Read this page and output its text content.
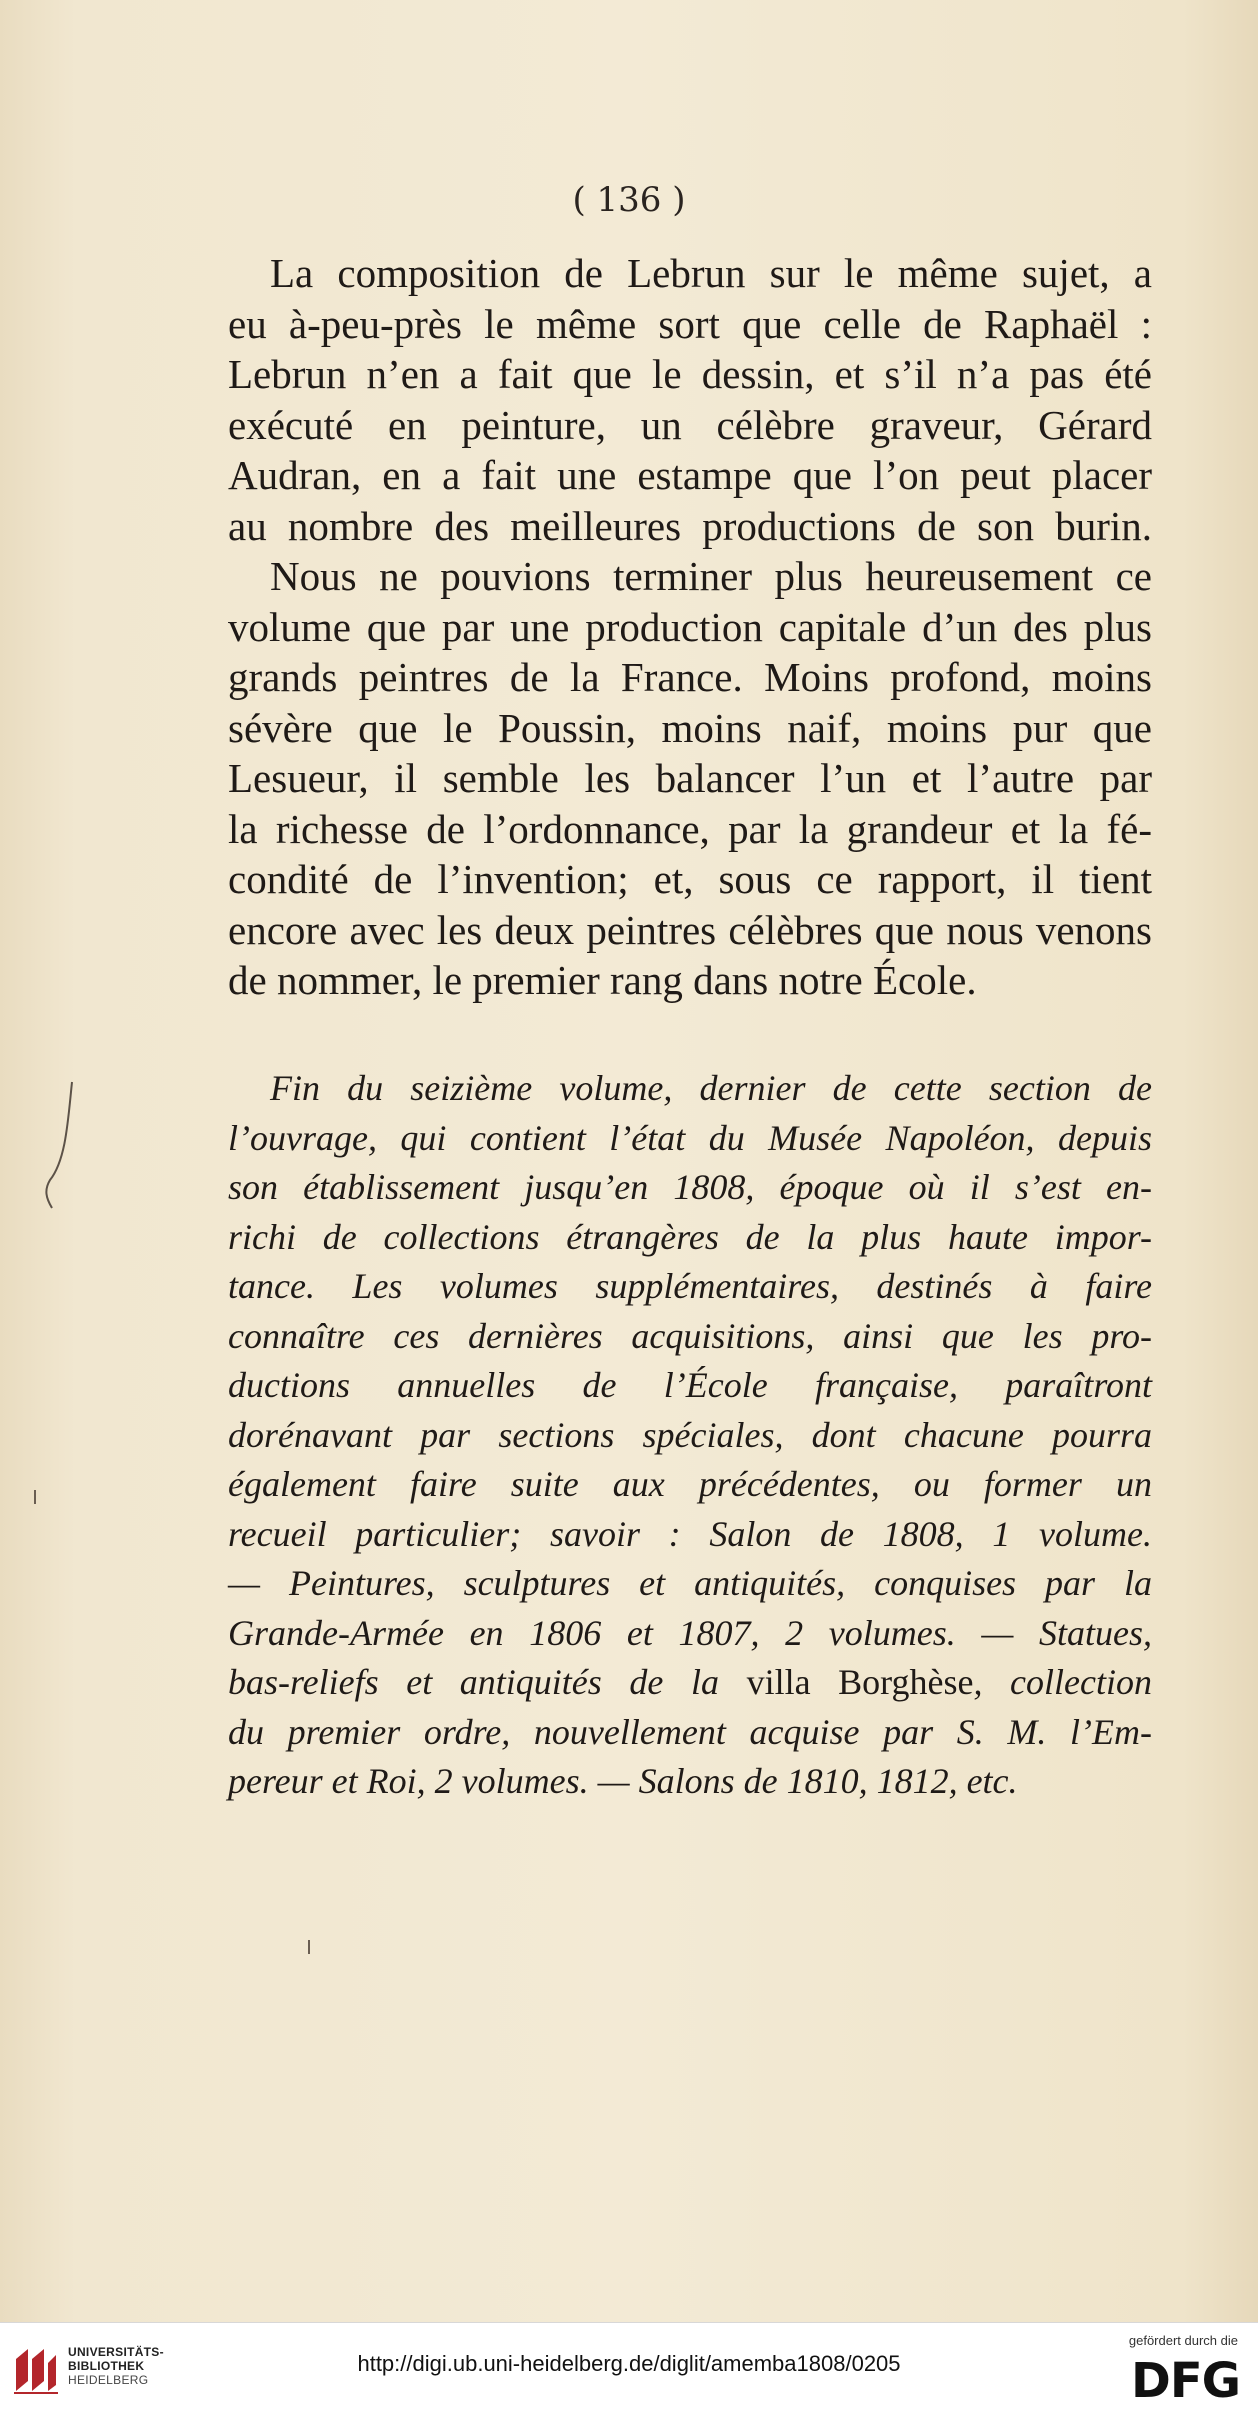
( 136 )
La composition de Lebrun sur le même sujet, a
eu à-peu-près le même sort que celle de Raphaël :
Lebrun n’en a fait que le dessin, et s’il n’a pas été
exécuté en peinture, un célèbre graveur, Gérard
Audran, en a fait une estampe que l’on peut placer
au nombre des meilleures productions de son burin.
Nous ne pouvions terminer plus heureusement ce
volume que par une production capitale d’un des plus
grands peintres de la France. Moins profond, moins
sévère que le Poussin, moins naif, moins pur que
Lesueur, il semble les balancer l’un et l’autre par
la richesse de l’ordonnance, par la grandeur et la fé-
condité de l’invention; et, sous ce rapport, il tient
encore avec les deux peintres célèbres que nous venons
de nommer, le premier rang dans notre École.
Fin du seizième volume, dernier de cette section de
l’ouvrage, qui contient l’état du Musée Napoléon, depuis
son établissement jusqu’en 1808, époque où il s’est en-
richi de collections étrangères de la plus haute impor-
tance. Les volumes supplémentaires, destinés à faire
connaître ces dernières acquisitions, ainsi que les pro-
ductions annuelles de l’École française, paraîtront
dorénavant par sections spéciales, dont chacune pourra
également faire suite aux précédentes, ou former un
recueil particulier; savoir : Salon de 1808, 1 volume.
— Peintures, sculptures et antiquités, conquises par la
Grande-Armée en 1806 et 1807, 2 volumes. — Statues,
bas-reliefs et antiquités de la villa Borghèse, collection
du premier ordre, nouvellement acquise par S. M. l’Em-
pereur et Roi, 2 volumes. — Salons de 1810, 1812, etc.
UNIVERSITÄTS-
BIBLIOTHEK
HEIDELBERG
http://digi.ub.uni-heidelberg.de/diglit/amemba1808/0205
gefördert durch die
DFG
